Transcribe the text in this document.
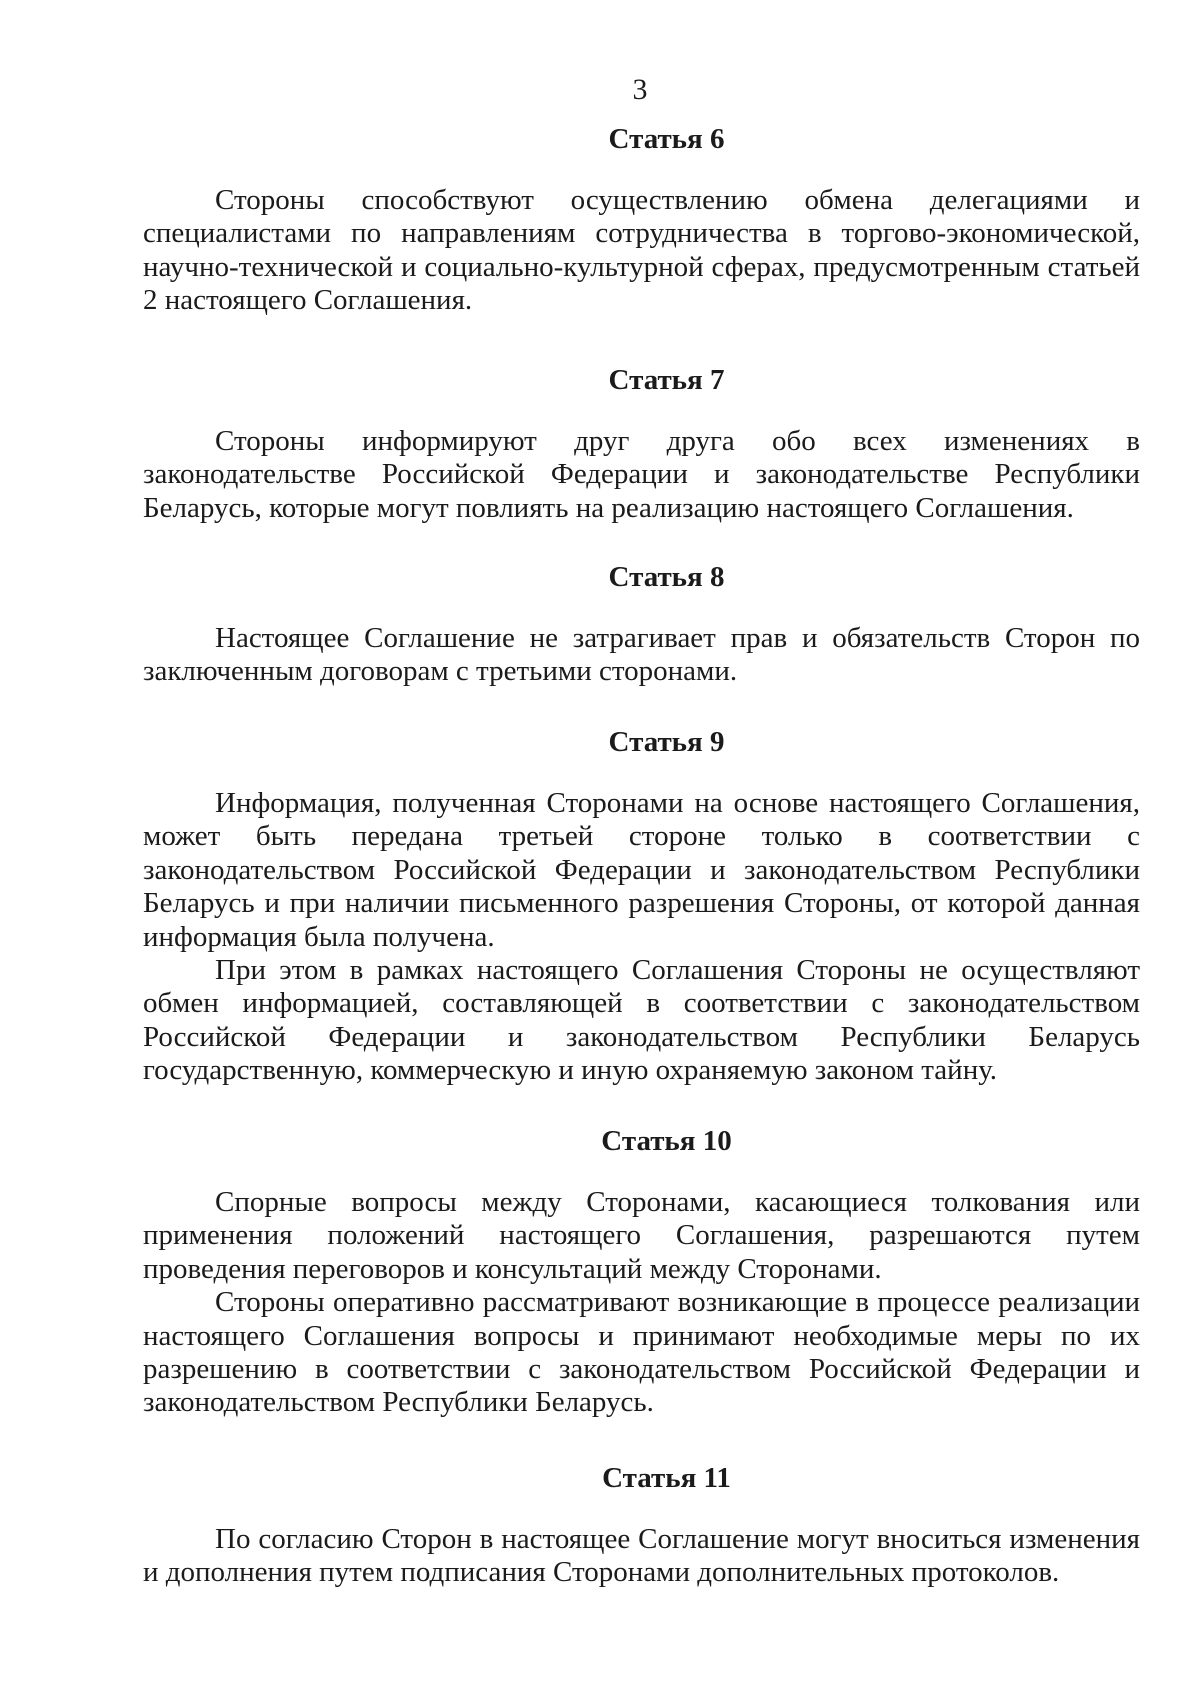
3
Статья 6

Стороны способствуют осуществлению обмена делегациями и специалистами по направлениям сотрудничества в торгово-экономической, научно-технической и социально-культурной сферах, предусмотренным статьей 2 настоящего Соглашения.

Статья 7

Стороны информируют друг друга обо всех изменениях в законодательстве Российской Федерации и законодательстве Республики Беларусь, которые могут повлиять на реализацию настоящего Соглашения.

Статья 8

Настоящее Соглашение не затрагивает прав и обязательств Сторон по заключенным договорам с третьими сторонами.

Статья 9

Информация, полученная Сторонами на основе настоящего Соглашения, может быть передана третьей стороне только в соответствии с законодательством Российской Федерации и законодательством Республики Беларусь и при наличии письменного разрешения Стороны, от которой данная информация была получена.

При этом в рамках настоящего Соглашения Стороны не осуществляют обмен информацией, составляющей в соответствии с законодательством Российской Федерации и законодательством Республики Беларусь государственную, коммерческую и иную охраняемую законом тайну.

Статья 10

Спорные вопросы между Сторонами, касающиеся толкования или применения положений настоящего Соглашения, разрешаются путем проведения переговоров и консультаций между Сторонами.

Стороны оперативно рассматривают возникающие в процессе реализации настоящего Соглашения вопросы и принимают необходимые меры по их разрешению в соответствии с законодательством Российской Федерации и законодательством Республики Беларусь.

Статья 11

По согласию Сторон в настоящее Соглашение могут вноситься изменения и дополнения путем подписания Сторонами дополнительных протоколов.
